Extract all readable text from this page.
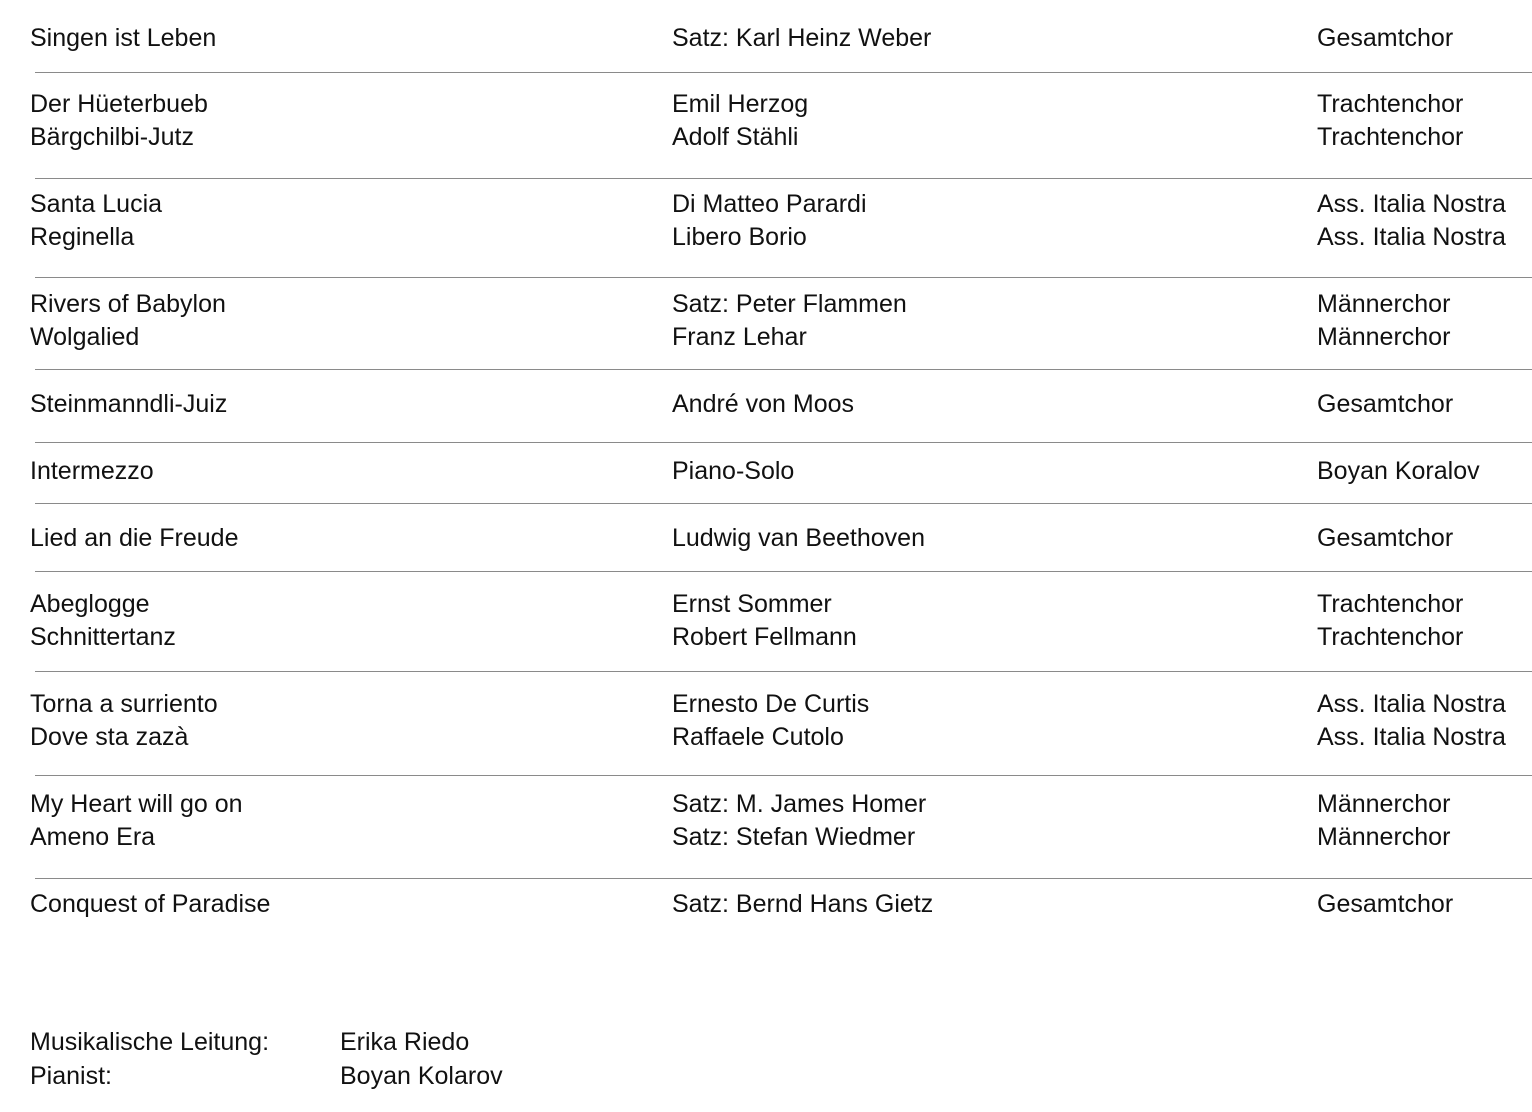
Singen ist Leben	Satz: Karl Heinz Weber	Gesamtchor
Der Hüeterbueb	Emil Herzog	Trachtenchor
Bärgchilbi-Jutz	Adolf Stähli	Trachtenchor
Santa Lucia	Di Matteo Parardi	Ass. Italia Nostra
Reginella	Libero Borio	Ass. Italia Nostra
Rivers of Babylon	Satz: Peter Flammen	Männerchor
Wolgalied	Franz Lehar	Männerchor
Steinmanndli-Juiz	André von Moos	Gesamtchor
Intermezzo	Piano-Solo	Boyan Koralov
Lied an die Freude	Ludwig van Beethoven	Gesamtchor
Abeglogge	Ernst Sommer	Trachtenchor
Schnittertanz	Robert Fellmann	Trachtenchor
Torna a surriento	Ernesto De Curtis	Ass. Italia Nostra
Dove sta zazà	Raffaele Cutolo	Ass. Italia Nostra
My Heart will go on	Satz: M. James Homer	Männerchor
Ameno Era	Satz: Stefan Wiedmer	Männerchor
Conquest of Paradise	Satz: Bernd Hans Gietz	Gesamtchor
Musikalische Leitung:	Erika Riedo
Pianist:	Boyan Kolarov
